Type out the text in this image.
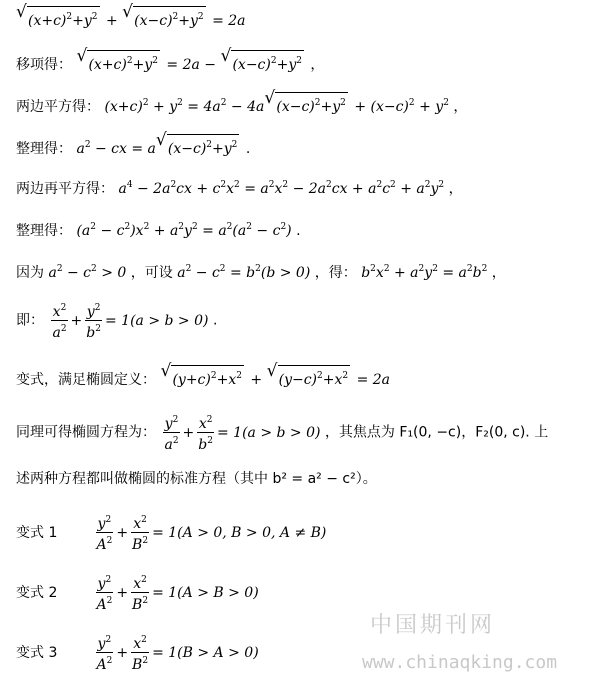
√ $(x+c)^2+y^2$ + √ $(x-c)^2+y^2 = 2a$
移项得： √ $(x+c)^2+y^2 = 2a$ − √ $(x-c)^2+y^2$ ，
两边平方得： $(x+c)^2 + y^2 = 4a^2 - 4a√$ $(x-c)^2+y^2 + (x-c)^2 + y^2$ ，
整理得： $a^2$ − cx = a√ $(x-c)^2+y^2$ .
两边再平方得： $a^4 - 2a^2cx + c^2x^2 = a^2x^2 - 2a^2cx + a^2c^2 + a^2y^2$ ，
整理得： $(a^2 - c^2)x^2 + a^2y^2 = a^2(a^2 - c^2)$ .
因为 $a^2 - c^2 > 0$ ，可设 $a^2 - c^2 = b^2(b > 0)$ ，得： $b^2x^2 + a^2y^2 = a^2b^2$ ，
即： $\frac{x^2}{a^2} + \frac{y^2}{b^2} = 1(a > b > 0)$ .
变式，满足椭圆定义： √ $(y+c)^2+x^2$ + √ $(y-c)^2+x^2 = 2a$
同理可得椭圆方程为： $\frac{y^2}{a^2} + \frac{x^2}{b^2} = 1(a > b > 0)$ ，其焦点为 F₁(0, −c)，F₂(0, c). 上
述两种方程都叫做椭圆的标准方程（其中 b² = a² − c²）。
变式 1	$\frac{y^2}{A^2} + \frac{x^2}{B^2} = 1(A > 0$, B > 0, A ≠ B)
变式 2	$\frac{y^2}{A^2} + \frac{x^2}{B^2} = 1(A > B > 0)$
变式 3	$\frac{y^2}{A^2} + \frac{x^2}{B^2} = 1(B > A > 0)$
中国期刊网
www.chinaqking.com
